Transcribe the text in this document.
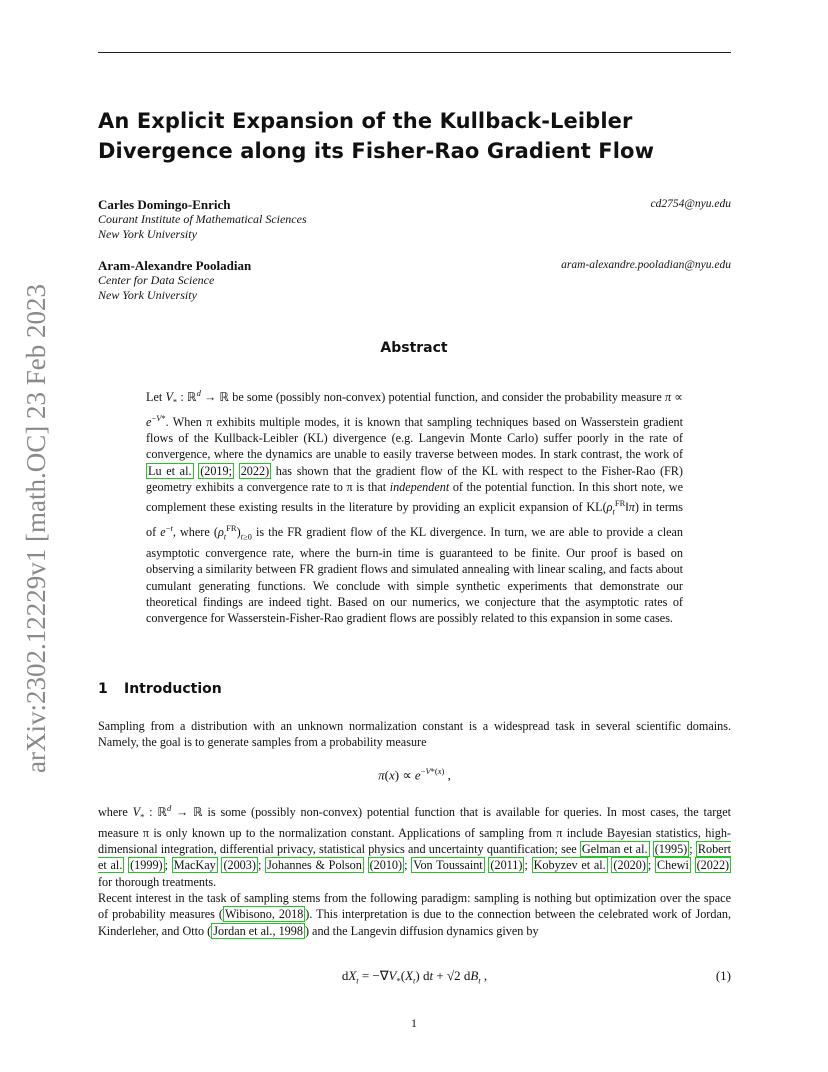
arXiv:2302.12229v1 [math.OC] 23 Feb 2023
An Explicit Expansion of the Kullback-Leibler Divergence along its Fisher-Rao Gradient Flow
Carles Domingo-Enrich
Courant Institute of Mathematical Sciences
New York University
cd2754@nyu.edu
Aram-Alexandre Pooladian
Center for Data Science
New York University
aram-alexandre.pooladian@nyu.edu
Abstract
Let $V_*$ : ℝ$^d$ → ℝ be some (possibly non-convex) potential function, and consider the probability measure $\pi \propto e^{-V*}$. When π exhibits multiple modes, it is known that sampling techniques based on Wasserstein gradient flows of the Kullback-Leibler (KL) divergence (e.g. Langevin Monte Carlo) suffer poorly in the rate of convergence, where the dynamics are unable to easily traverse between modes. In stark contrast, the work of Lu et al. (2019; 2022) has shown that the gradient flow of the KL with respect to the Fisher-Rao (FR) geometry exhibits a convergence rate to π is that independent of the potential function. In this short note, we complement these existing results in the literature by providing an explicit expansion of $KL(\rho_t^{FR}‖\pi)$ in terms of $e^{-t}$, where $(\rho_t^{FR})_{t\ge 0}$ is the FR gradient flow of the KL divergence. In turn, we are able to provide a clean asymptotic convergence rate, where the burn-in time is guaranteed to be finite. Our proof is based on observing a similarity between FR gradient flows and simulated annealing with linear scaling, and facts about cumulant generating functions. We conclude with simple synthetic experiments that demonstrate our theoretical findings are indeed tight. Based on our numerics, we conjecture that the asymptotic rates of convergence for Wasserstein-Fisher-Rao gradient flows are possibly related to this expansion in some cases.
1 Introduction
Sampling from a distribution with an unknown normalization constant is a widespread task in several scientific domains. Namely, the goal is to generate samples from a probability measure
$\pi(x) \propto e^{-V*(x)}$ ,
where $V_*$ : ℝ$^d$ → ℝ is some (possibly non-convex) potential function that is available for queries. In most cases, the target measure π is only known up to the normalization constant. Applications of sampling from π include Bayesian statistics, high-dimensional integration, differential privacy, statistical physics and uncertainty quantification; see Gelman et al. (1995) ; Robert et al. (1999) ; MacKay (2003) ; Johannes & Polson (2010) ; Von Toussaint (2011) ; Kobyzev et al. (2020) ; Chewi (2022) for thorough treatments.
Recent interest in the task of sampling stems from the following paradigm: sampling is nothing but optimization over the space of probability measures ( Wibisono, 2018 ). This interpretation is due to the connection between the celebrated work of Jordan, Kinderleher, and Otto ( Jordan et al., 1998 ) and the Langevin diffusion dynamics given by
$dX_t = -\nabla V_*(X_t)$ dt + √2 $dB_t$ ,	(1)
1
